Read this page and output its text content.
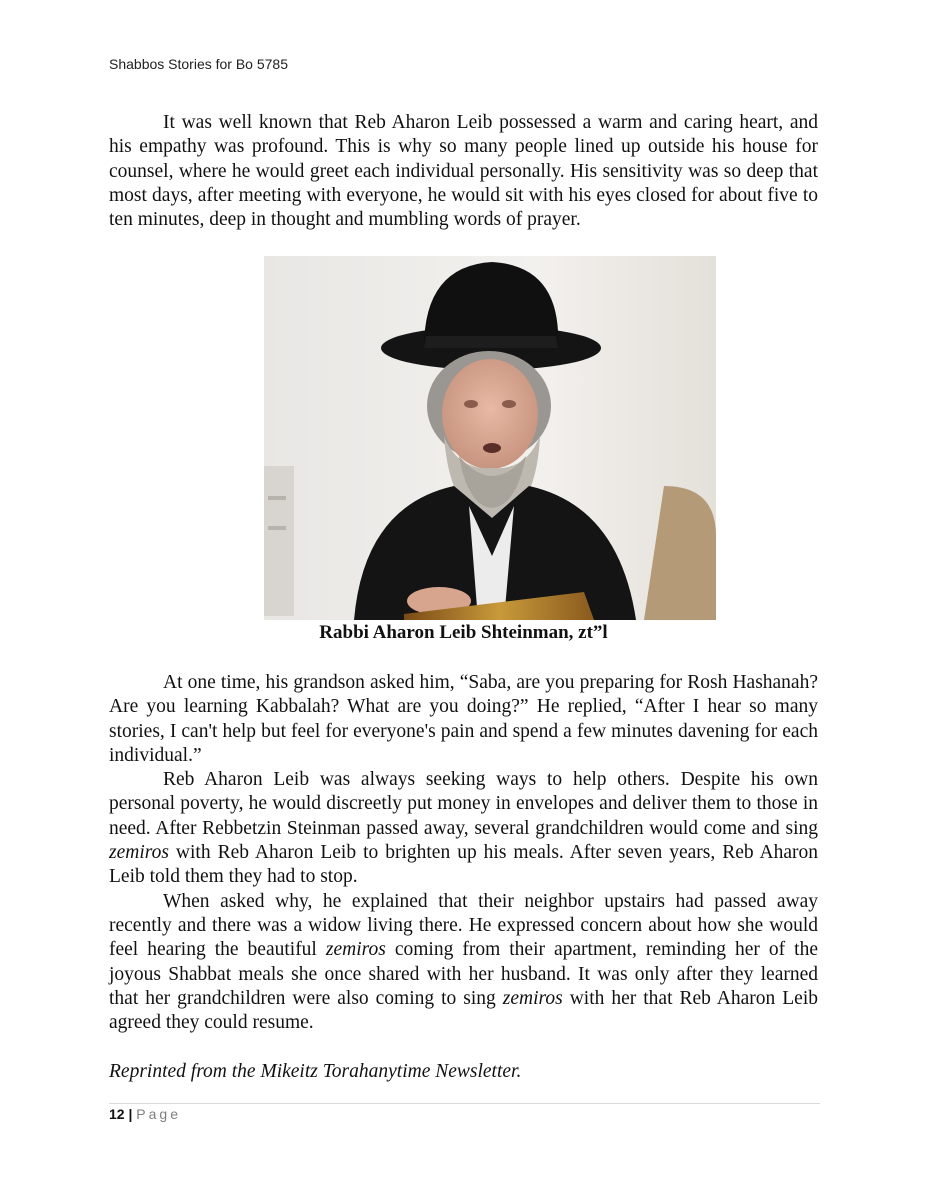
Shabbos Stories for Bo 5785

It was well known that Reb Aharon Leib possessed a warm and caring heart, and his empathy was profound. This is why so many people lined up outside his house for counsel, where he would greet each individual personally. His sensitivity was so deep that most days, after meeting with everyone, he would sit with his eyes closed for about five to ten minutes, deep in thought and mumbling words of prayer.

Rabbi Aharon Leib Shteinman, zt”l

At one time, his grandson asked him, “Saba, are you preparing for Rosh Hashanah? Are you learning Kabbalah? What are you doing?” He replied, “After I hear so many stories, I can't help but feel for everyone's pain and spend a few minutes davening for each individual.”

Reb Aharon Leib was always seeking ways to help others. Despite his own personal poverty, he would discreetly put money in envelopes and deliver them to those in need. After Rebbetzin Steinman passed away, several grandchildren would come and sing zemiros with Reb Aharon Leib to brighten up his meals. After seven years, Reb Aharon Leib told them they had to stop.

When asked why, he explained that their neighbor upstairs had passed away recently and there was a widow living there. He expressed concern about how she would feel hearing the beautiful zemiros coming from their apartment, reminding her of the joyous Shabbat meals she once shared with her husband. It was only after they learned that her grandchildren were also coming to sing zemiros with her that Reb Aharon Leib agreed they could resume.

Reprinted from the Mikeitz Torahanytime Newsletter.
12 | Page
